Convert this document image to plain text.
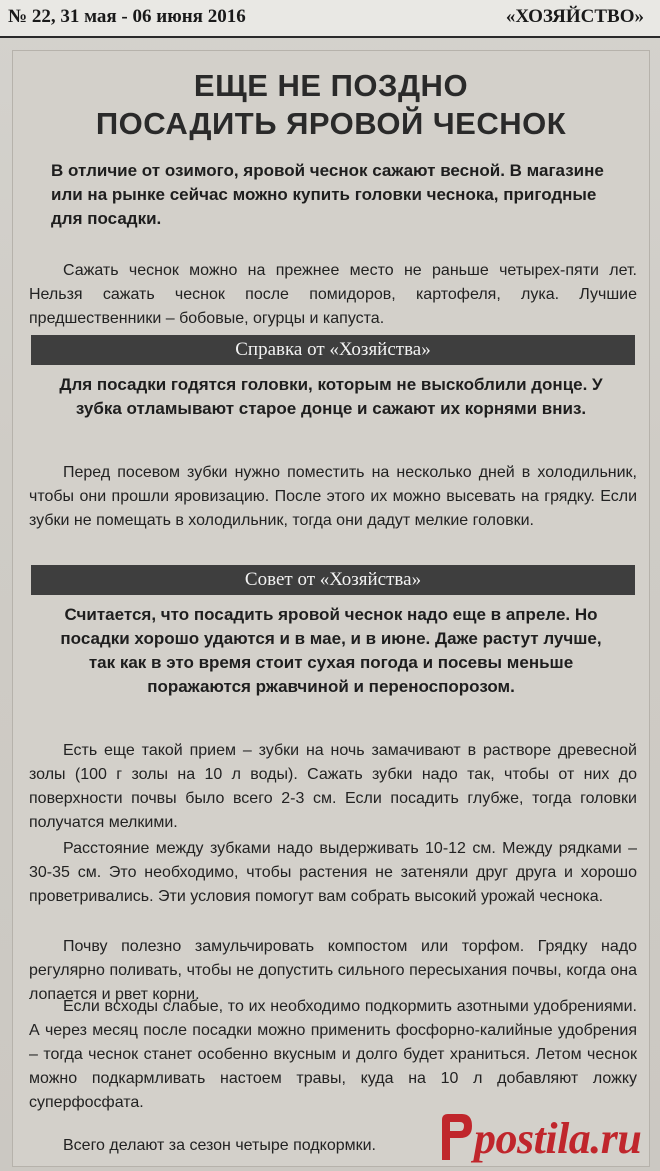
№ 22, 31 мая - 06 июня 2016	«ХОЗЯЙСТВО»
ЕЩЕ НЕ ПОЗДНО
ПОСАДИТЬ ЯРОВОЙ ЧЕСНОК
В отличие от озимого, яровой чеснок сажают весной. В магазине или на рынке сейчас можно купить головки чеснока, пригодные для посадки.
Сажать чеснок можно на прежнее место не раньше четырех-пяти лет. Нельзя сажать чеснок после помидоров, картофеля, лука. Лучшие предшественники – бобовые, огурцы и капуста.
Справка от «Хозяйства»
Для посадки годятся головки, которым не выскоблили донце. У зубка отламывают старое донце и сажают их корнями вниз.
Перед посевом зубки нужно поместить на несколько дней в холодильник, чтобы они прошли яровизацию. После этого их можно высевать на грядку. Если зубки не помещать в холодильник, тогда они дадут мелкие головки.
Совет от «Хозяйства»
Считается, что посадить яровой чеснок надо еще в апреле. Но посадки хорошо удаются и в мае, и в июне. Даже растут лучше, так как в это время стоит сухая погода и посевы меньше поражаются ржавчиной и переноспорозом.
Есть еще такой прием – зубки на ночь замачивают в растворе древесной золы (100 г золы на 10 л воды). Сажать зубки надо так, чтобы от них до поверхности почвы было всего 2-3 см. Если посадить глубже, тогда головки получатся мелкими.
Расстояние между зубками надо выдерживать 10-12 см. Между рядками – 30-35 см. Это необходимо, чтобы растения не затеняли друг друга и хорошо проветривались. Эти условия помогут вам собрать высокий урожай чеснока.
Почву полезно замульчировать компостом или торфом. Грядку надо регулярно поливать, чтобы не допустить сильного пересыхания почвы, когда она лопается и рвет корни.
Если всходы слабые, то их необходимо подкормить азотными удобрениями. А через месяц после посадки можно применить фосфорно-калийные удобрения – тогда чеснок станет особенно вкусным и долго будет храниться. Летом чеснок можно подкармливать настоем травы, куда на 10 л добавляют ложку суперфосфата.
Всего делают за сезон четыре подкормки.	postila.ru
